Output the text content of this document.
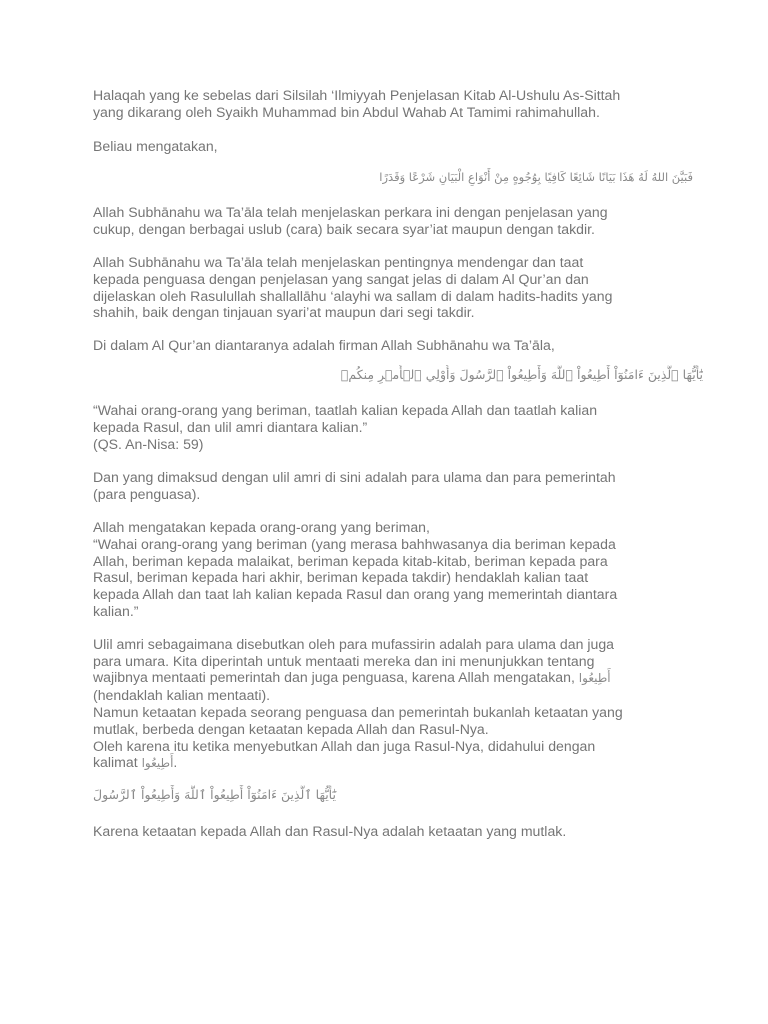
Halaqah yang ke sebelas dari Silsilah ‘Ilmiyyah Penjelasan Kitab Al-Ushulu As-Sittah
yang dikarang oleh Syaikh Muhammad bin Abdul Wahab At Tamimi rahimahullah.

Beliau mengatakan,

فَبَيَّنَ اللهُ لَهُ هَذَا بَيَانًا شَائِعًا كَافِيًا بِوُجُوهٍ مِنْ أَنْوَاعِ الْبَيَانِ شَرْعًا وَقَدَرًا

Allah Subhānahu wa Ta’āla telah menjelaskan perkara ini dengan penjelasan yang
cukup, dengan berbagai uslub (cara) baik secara syar’iat maupun dengan takdir.

Allah Subhānahu wa Ta’āla telah menjelaskan pentingnya mendengar dan taat
kepada penguasa dengan penjelasan yang sangat jelas di dalam Al Qur’an dan
dijelaskan oleh Rasulullah shallallāhu ‘alayhi wa sallam di dalam hadits-hadits yang
shahih, baik dengan tinjauan syari’at maupun dari segi takdir.

Di dalam Al Qur’an diantaranya adalah firman Allah Subhānahu wa Ta’āla,

يَٰٓأَيُّهَا ٱلَّذِينَ ءَامَنُوٓاْ أَطِيعُواْ ٱللَّهَ وَأَطِيعُواْ ٱلرَّسُولَ وَأُوْلِي ٱلۡأَمۡرِ مِنكُمۡ

“Wahai orang-orang yang beriman, taatlah kalian kepada Allah dan taatlah kalian
kepada Rasul, dan ulil amri diantara kalian.”
(QS. An-Nisa: 59)

Dan yang dimaksud dengan ulil amri di sini adalah para ulama dan para pemerintah
(para penguasa).

Allah mengatakan kepada orang-orang yang beriman,
“Wahai orang-orang yang beriman (yang merasa bahhwasanya dia beriman kepada
Allah, beriman kepada malaikat, beriman kepada kitab-kitab, beriman kepada para
Rasul, beriman kepada hari akhir, beriman kepada takdir) hendaklah kalian taat
kepada Allah dan taat lah kalian kepada Rasul dan orang yang memerintah diantara
kalian.”

Ulil amri sebagaimana disebutkan oleh para mufassirin adalah para ulama dan juga
para umara. Kita diperintah untuk mentaati mereka dan ini menunjukkan tentang
wajibnya mentaati pemerintah dan juga penguasa, karena Allah mengatakan, أَطِيعُوا
(hendaklah kalian mentaati).
Namun ketaatan kepada seorang penguasa dan pemerintah bukanlah ketaatan yang
mutlak, berbeda dengan ketaatan kepada Allah dan Rasul-Nya.
Oleh karena itu ketika menyebutkan Allah dan juga Rasul-Nya, didahului dengan
kalimat أَطِيعُوا.

يَٰٓأَيُّهَا ٱلَّذِينَ ءَامَنُوٓاْ أَطِيعُواْ ٱللَّهَ وَأَطِيعُواْ ٱلرَّسُولَ

Karena ketaatan kepada Allah dan Rasul-Nya adalah ketaatan yang mutlak.
